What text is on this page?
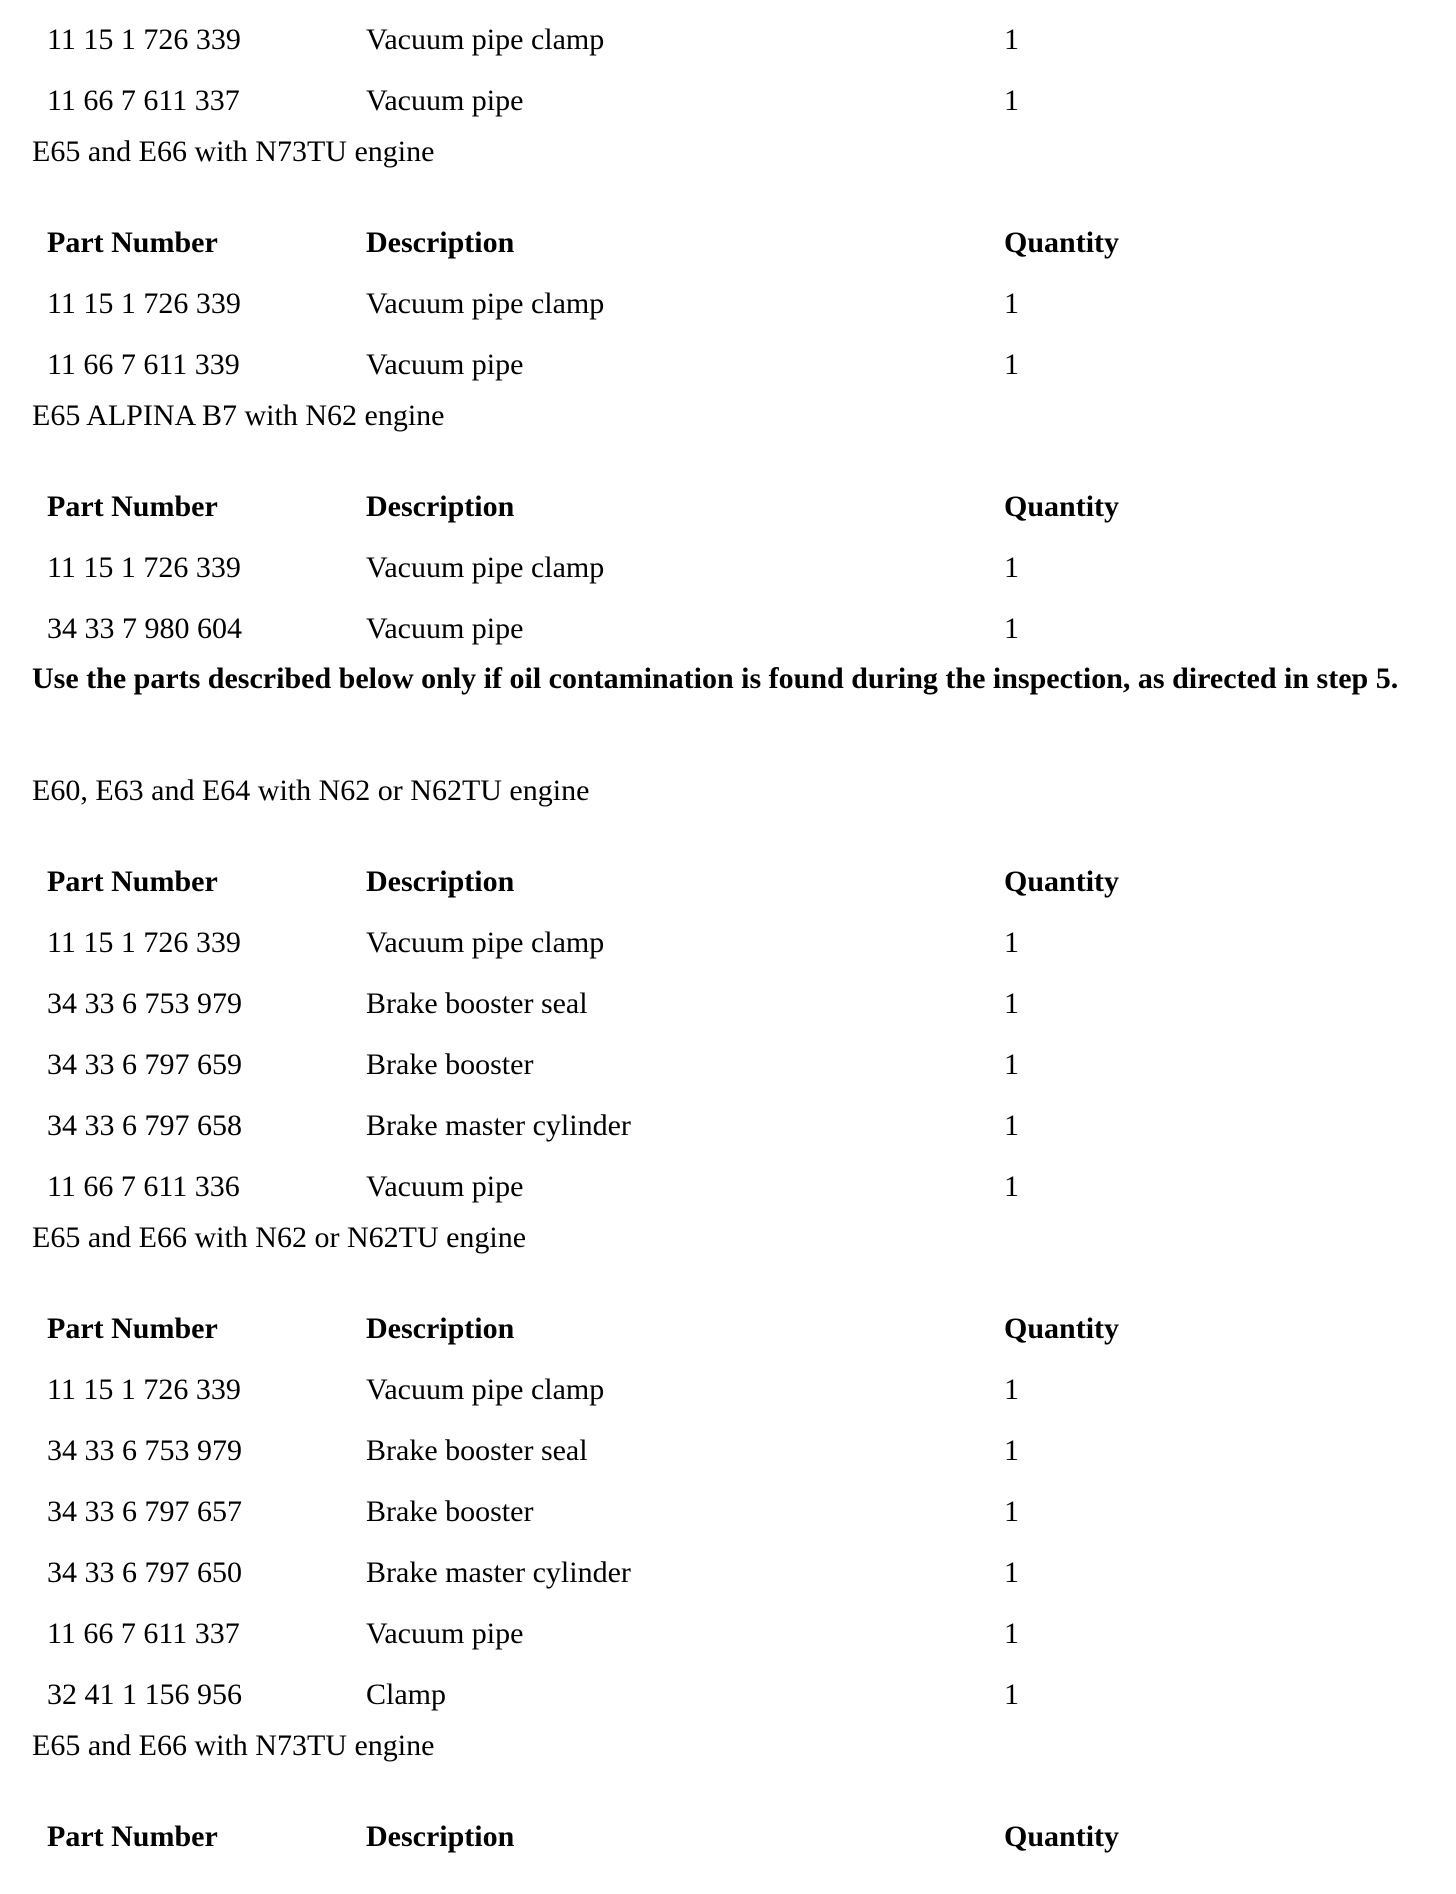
11 15 1 726 339	Vacuum pipe clamp	1
11 66 7 611 337	Vacuum pipe	1
E65 and E66 with N73TU engine
Part Number	Description	Quantity
11 15 1 726 339	Vacuum pipe clamp	1
11 66 7 611 339	Vacuum pipe	1
E65 ALPINA B7 with N62 engine
Part Number	Description	Quantity
11 15 1 726 339	Vacuum pipe clamp	1
34 33 7 980 604	Vacuum pipe	1
Use the parts described below only if oil contamination is found during the inspection, as directed in step 5.
E60, E63 and E64 with N62 or N62TU engine
Part Number	Description	Quantity
11 15 1 726 339	Vacuum pipe clamp	1
34 33 6 753 979	Brake booster seal	1
34 33 6 797 659	Brake booster	1
34 33 6 797 658	Brake master cylinder	1
11 66 7 611 336	Vacuum pipe	1
E65 and E66 with N62 or N62TU engine
Part Number	Description	Quantity
11 15 1 726 339	Vacuum pipe clamp	1
34 33 6 753 979	Brake booster seal	1
34 33 6 797 657	Brake booster	1
34 33 6 797 650	Brake master cylinder	1
11 66 7 611 337	Vacuum pipe	1
32 41 1 156 956	Clamp	1
E65 and E66 with N73TU engine
Part Number	Description	Quantity
